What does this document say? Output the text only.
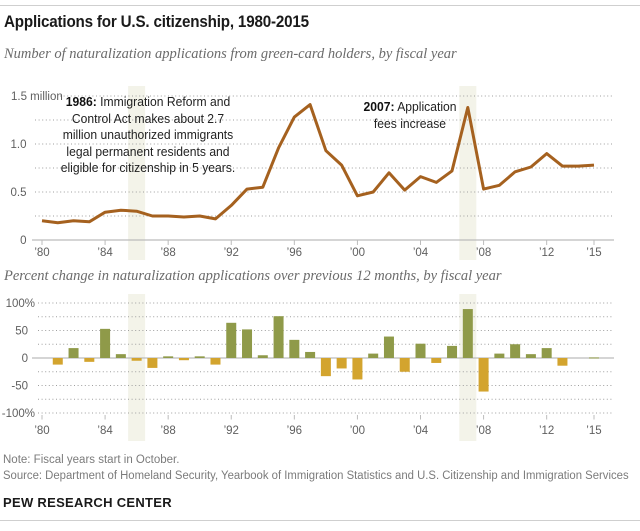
Applications for U.S. citizenship, 1980-2015
Number of naturalization applications from green-card holders, by fiscal year
’80	’84	’88	’92	’96	’00	’04	’08	’12	’15
1.5 million
1.0
0.5
0
1986: Immigration Reform and
Control Act makes about 2.7
million unauthorized immigrants
legal permanent residents and
eligible for citizenship in 5 years.
2007: Application
fees increase
Percent change in naturalization applications over previous 12 months, by fiscal year
’80	’84	’88	’92	’96	’00	’04	’08	’12	’15
100%
50
0
-50
-100%
Note: Fiscal years start in October.
Source: Department of Homeland Security, Yearbook of Immigration Statistics and U.S. Citizenship and Immigration Services
PEW RESEARCH CENTER
